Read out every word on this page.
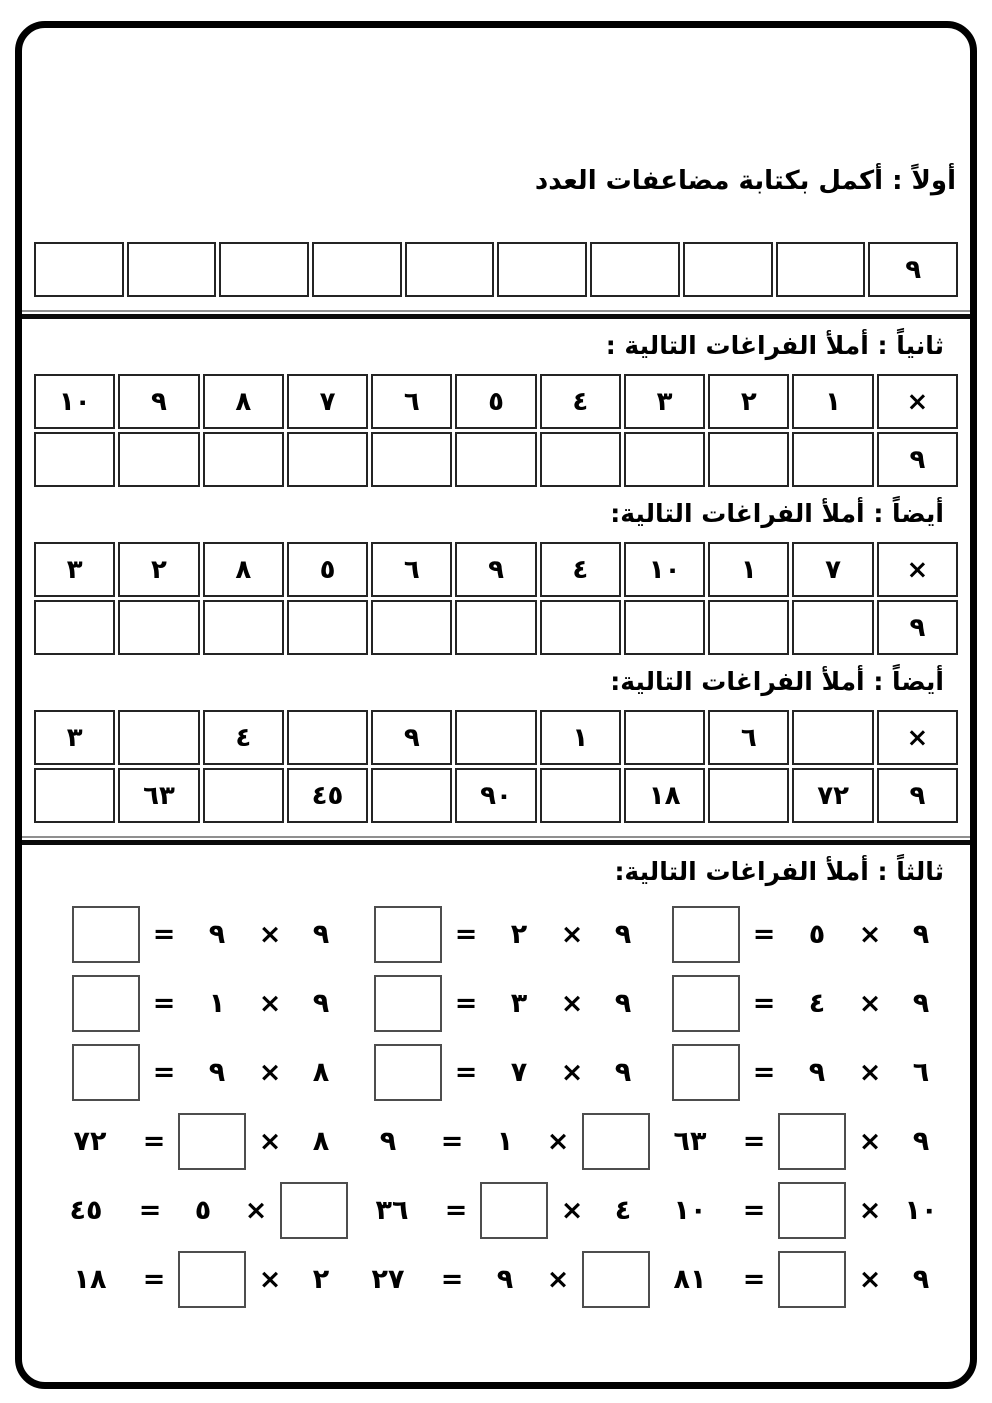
أولاً : أكمل بكتابة مضاعفات العدد
٩
ثانياً : أملأ الفراغات التالية :
×
١
٢
٣
٤
٥
٦
٧
٨
٩
١٠
٩
أيضاً : أملأ الفراغات التالية:
×
٧
١
١٠
٤
٩
٦
٥
٨
٢
٣
٩
أيضاً : أملأ الفراغات التالية:
×
٦
١
٩
٤
٣
٩
٧٢
١٨
٩٠
٤٥
٦٣
ثالثاً : أملأ الفراغات التالية:
٩
×
٥
=
٩
×
٤
=
٦
×
٩
=
٩
×
=
٦٣
١٠
×
=
١٠
٩
×
=
٨١
٩
×
٢
=
٩
×
٣
=
٩
×
٧
=
×
١
=
٩
٤
×
=
٣٦
×
٩
=
٢٧
٩
×
٩
=
٩
×
١
=
٨
×
٩
=
٨
×
=
٧٢
×
٥
=
٤٥
٢
×
=
١٨
